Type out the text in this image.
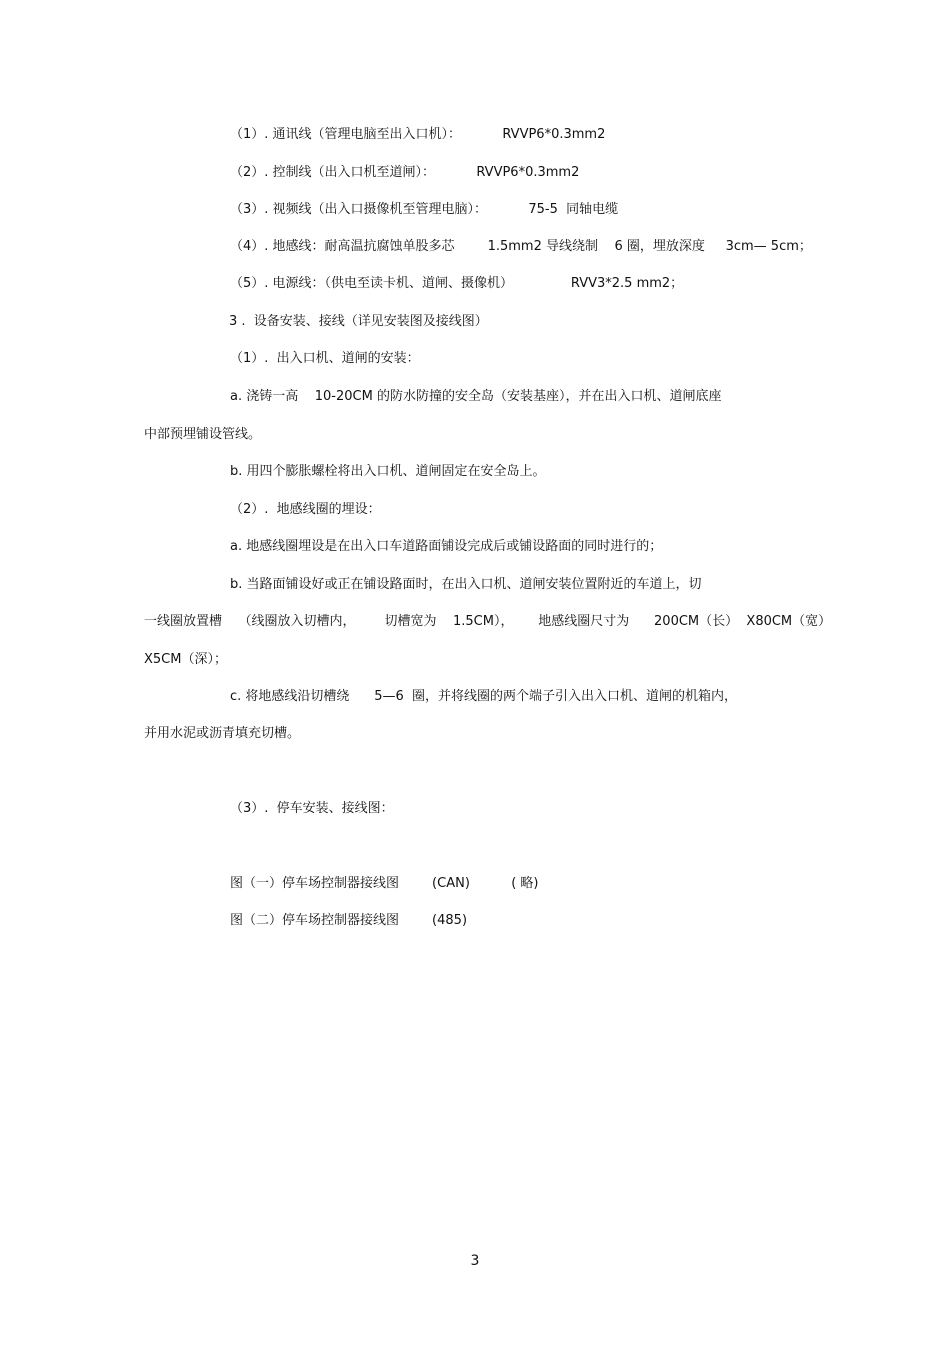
（1）. 通讯线（管理电脑至出入口机）：          RVVP6*0.3mm2
（2）. 控制线（出入口机至道闸）：          RVVP6*0.3mm2
（3）. 视频线（出入口摄像机至管理电脑）：          75-5  同轴电缆
（4）. 地感线：耐高温抗腐蚀单股多芯        1.5mm2 导线绕制    6 圈，埋放深度     3cm— 5cm；
（5）. 电源线：（供电至读卡机、道闸、摄像机）              RVV3*2.5 mm2；
3 .  设备安装、接线（详见安装图及接线图）
（1）.  出入口机、道闸的安装：
a. 浇铸一高    10-20CM 的防水防撞的安全岛（安装基座），并在出入口机、道闸底座
中部预埋铺设管线。
b. 用四个膨胀螺栓将出入口机、道闸固定在安全岛上。
（2）.  地感线圈的埋设：
a. 地感线圈埋设是在出入口车道路面铺设完成后或铺设路面的同时进行的；
b. 当路面铺设好或正在铺设路面时，在出入口机、道闸安装位置附近的车道上，切
一线圈放置槽    （线圈放入切槽内，       切槽宽为    1.5CM），      地感线圈尺寸为      200CM（长）  X80CM（宽）
X5CM（深）；
c. 将地感线沿切槽绕      5—6  圈，并将线圈的两个端子引入出入口机、道闸的机箱内，
并用水泥或沥青填充切槽。
（3）.  停车安装、接线图：
图（一）停车场控制器接线图        (CAN)          ( 略)
图（二）停车场控制器接线图        (485)
3
